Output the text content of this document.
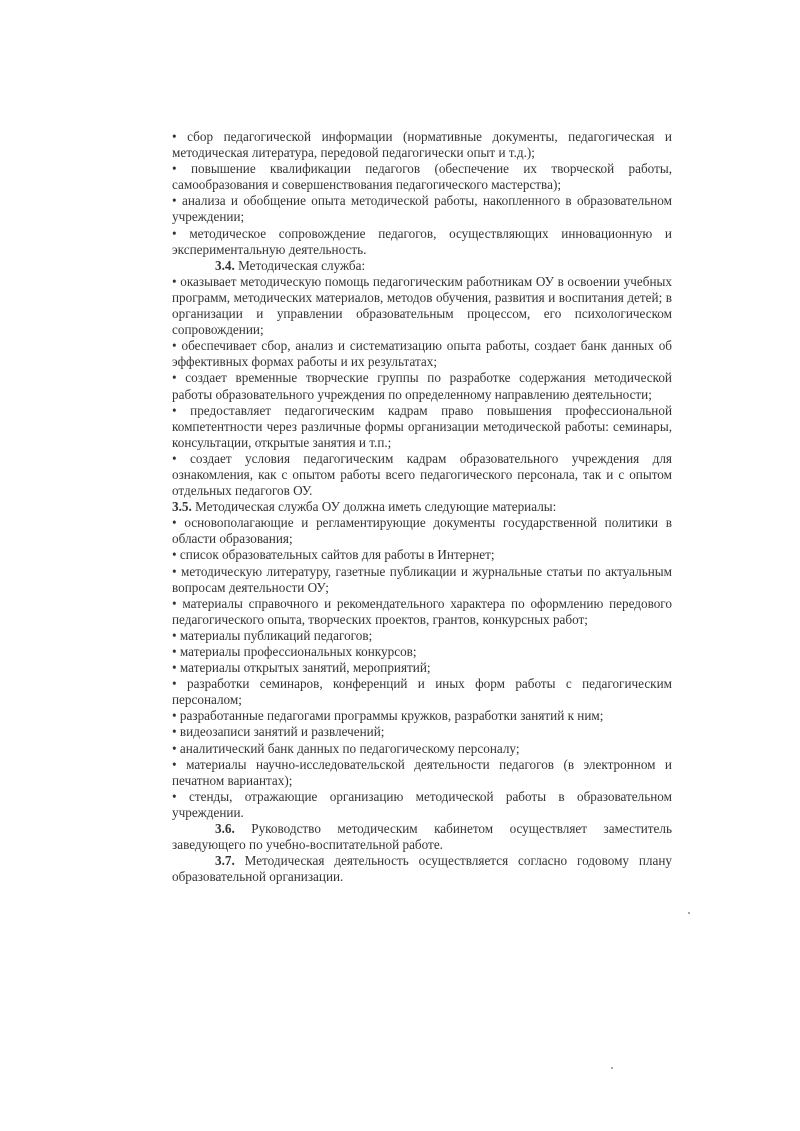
• сбор педагогической информации (нормативные документы, педагогическая и методическая литература, передовой педагогически опыт и т.д.);

• повышение квалификации педагогов (обеспечение их творческой работы, самообразования и совершенствования педагогического мастерства);

• анализа и обобщение опыта методической работы, накопленного в образовательном учреждении;

• методическое сопровождение педагогов, осуществляющих инновационную и экспериментальную деятельность.

3.4. Методическая служба:

• оказывает методическую помощь педагогическим работникам ОУ в освоении учебных программ, методических материалов, методов обучения, развития и воспитания детей; в организации и управлении образовательным процессом, его психологическом сопровождении;

• обеспечивает сбор, анализ и систематизацию опыта работы, создает банк данных об эффективных формах работы и их результатах;

• создает временные творческие группы по разработке содержания методической работы образовательного учреждения по определенному направлению деятельности;

• предоставляет педагогическим кадрам право повышения профессиональной компетентности через различные формы организации методической работы: семинары, консультации, открытые занятия и т.п.;

• создает условия педагогическим кадрам образовательного учреждения для ознакомления, как с опытом работы всего педагогического персонала, так и с опытом отдельных педагогов ОУ.

3.5. Методическая служба ОУ должна иметь следующие материалы:

• основополагающие и регламентирующие документы государственной политики в области образования;

• список образовательных сайтов для работы в Интернет;

• методическую литературу, газетные публикации и журнальные статьи по актуальным вопросам деятельности ОУ;

• материалы справочного и рекомендательного характера по оформлению передового педагогического опыта, творческих проектов, грантов, конкурсных работ;

• материалы публикаций педагогов;

• материалы профессиональных конкурсов;

• материалы открытых занятий, мероприятий;

• разработки семинаров, конференций и иных форм работы с педагогическим персоналом;

• разработанные педагогами программы кружков, разработки занятий к ним;

• видеозаписи занятий и развлечений;

• аналитический банк данных по педагогическому персоналу;

• материалы научно-исследовательской деятельности педагогов (в электронном и печатном вариантах);

• стенды, отражающие организацию методической работы в образовательном учреждении.

3.6. Руководство методическим кабинетом осуществляет заместитель заведующего по учебно-воспитательной работе.

3.7. Методическая деятельность осуществляется согласно годовому плану образовательной организации.
